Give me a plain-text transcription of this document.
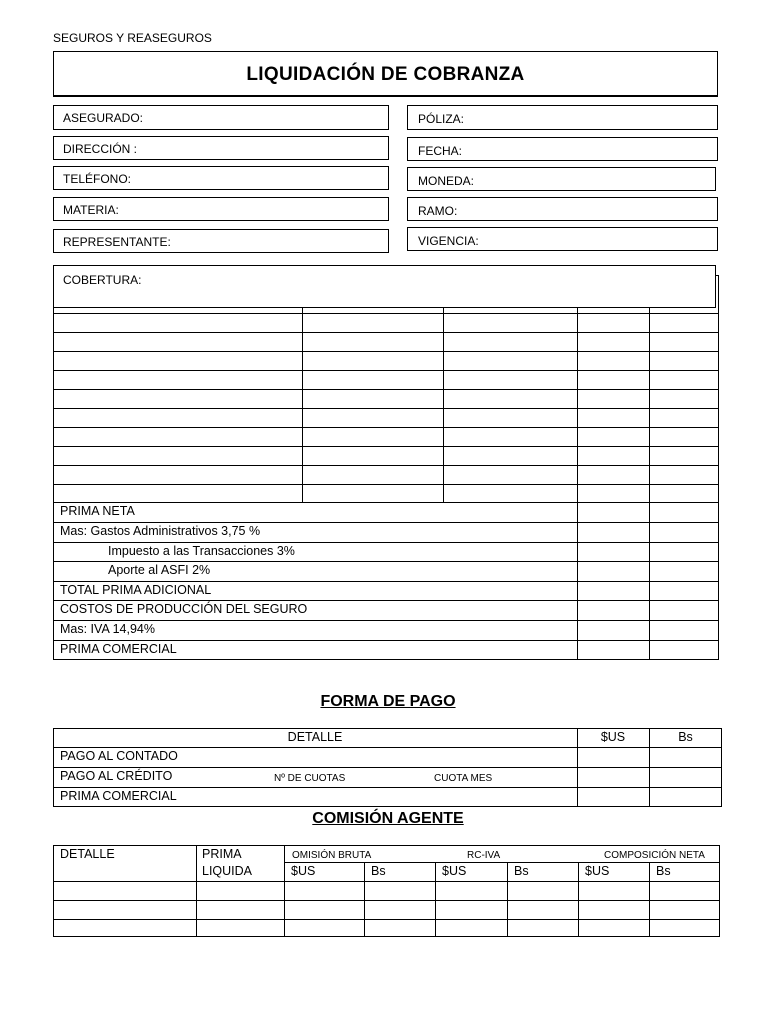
SEGUROS Y REASEGUROS
LIQUIDACIÓN DE COBRANZA
ASEGURADO:
DIRECCIÓN :
TELÉFONO:
MATERIA:
REPRESENTANTE:
PÓLIZA:
FECHA:
MONEDA:
RAMO:
VIGENCIA:
COBERTURA:
PRIMA NETA
Mas: Gastos Administrativos 3,75 %
Impuesto a las Transacciones 3%
Aporte al ASFI 2%
TOTAL PRIMA ADICIONAL
COSTOS DE PRODUCCIÓN DEL SEGURO
Mas: IVA 14,94%
PRIMA COMERCIAL
FORMA DE PAGO
DETALLE	$US	Bs
PAGO AL CONTADO
PAGO AL CRÉDITO	Nº DE CUOTAS	CUOTA MES
PRIMA COMERCIAL
COMISIÓN AGENTE
DETALLE	PRIMA
LIQUIDA
OMISIÓN BRUTA	RC-IVA	COMPOSICIÓN NETA
$US	Bs	$US	Bs	$US	Bs
